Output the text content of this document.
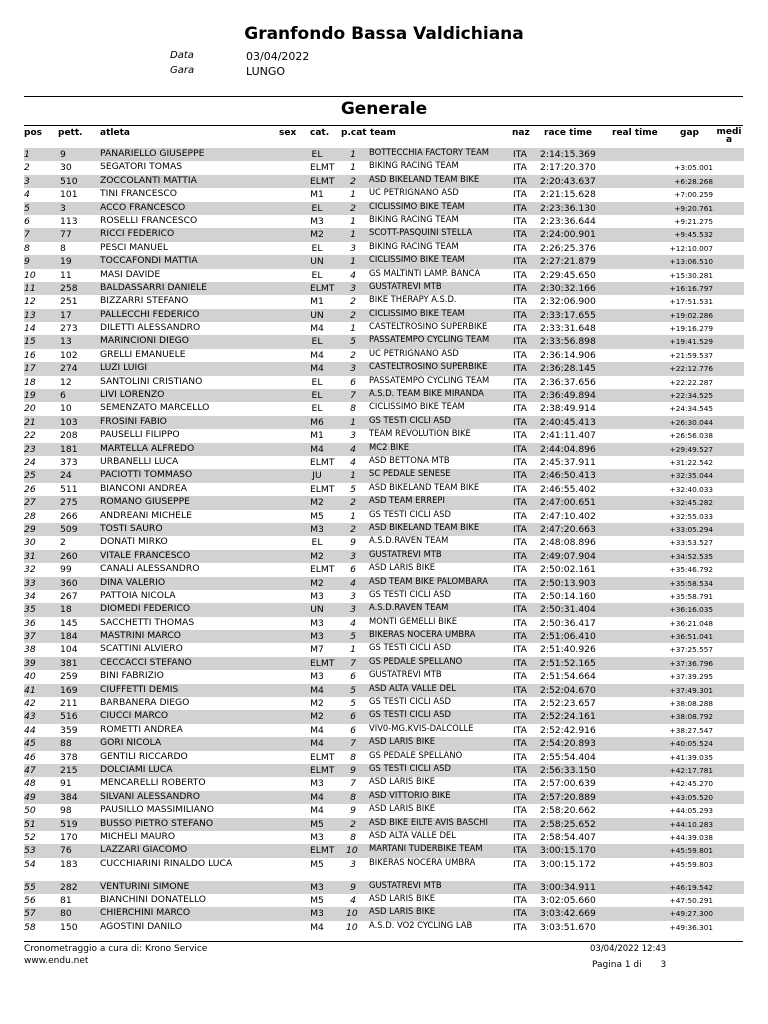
Granfondo Bassa Valdichiana
Data	03/04/2022
Gara	LUNGO
Generale
pos pett. atleta	sex cat. p.cat team	naz race time real time gap media
1	9	PANARIELLO GIUSEPPE	EL	1 BOTTECCHIA FACTORY TEAM	ITA 2:14:15.369
2	30	SEGATORI TOMAS	ELMT	1 BIKING RACING TEAM	ITA 2:17:20.370	+3:05.001
3	510 ZOCCOLANTI MATTIA	ELMT	2 ASD BIKELAND TEAM BIKE	ITA 2:20:43.637	+6:28.268
4	101 TINI FRANCESCO	M1	1 UC PETRIGNANO ASD	ITA 2:21:15.628	+7:00.259
5	3	ACCO FRANCESCO	EL	2 CICLISSIMO BIKE TEAM	ITA 2:23:36.130	+9:20.761
6	113 ROSELLI FRANCESCO	M3	1 BIKING RACING TEAM	ITA 2:23:36.644	+9:21.275
7	77	RICCI FEDERICO	M2	1 SCOTT-PASQUINI STELLA	ITA 2:24:00.901	+9:45.532
8	8	PESCI MANUEL	EL	3 BIKING RACING TEAM	ITA 2:26:25.376	+12:10.007
9	19	TOCCAFONDI MATTIA	UN	1 CICLISSIMO BIKE TEAM	ITA 2:27:21.879	+13:06.510
10	11	MASI DAVIDE	EL	4 GS MALTINTI LAMP. BANCA	ITA 2:29:45.650	+15:30.281
11	258 BALDASSARRI DANIELE	ELMT	3 GUSTATREVI MTB	ITA 2:30:32.166	+16:16.797
12	251 BIZZARRI STEFANO	M1	2 BIKE THERAPY A.S.D.	ITA 2:32:06.900	+17:51.531
13	17	PALLECCHI FEDERICO	UN	2 CICLISSIMO BIKE TEAM	ITA 2:33:17.655	+19:02.286
14	273 DILETTI ALESSANDRO	M4	1 CASTELTROSINO SUPERBIKE	ITA 2:33:31.648	+19:16.279
15	13	MARINCIONI DIEGO	EL	5 PASSATEMPO CYCLING TEAM	ITA 2:33:56.898	+19:41.529
16	102 GRELLI EMANUELE	M4	2 UC PETRIGNANO ASD	ITA 2:36:14.906	+21:59.537
17	274 LUZI LUIGI	M4	3 CASTELTROSINO SUPERBIKE	ITA 2:36:28.145	+22:12.776
18	12	SANTOLINI CRISTIANO	EL	6 PASSATEMPO CYCLING TEAM	ITA 2:36:37.656	+22:22.287
19	6	LIVI LORENZO	EL	7 A.S.D. TEAM BIKE MIRANDA	ITA 2:36:49.894	+22:34.525
20	10	SEMENZATO MARCELLO	EL	8 CICLISSIMO BIKE TEAM	ITA 2:38:49.914	+24:34.545
21	103 FROSINI FABIO	M6	1 GS TESTI CICLI ASD	ITA 2:40:45.413	+26:30.044
22	208 PAUSELLI FILIPPO	M1	3 TEAM REVOLUTION BIKE	ITA 2:41:11.407	+26:56.038
23	181 MARTELLA ALFREDO	M4	4 MC2 BIKE	ITA 2:44:04.896	+29:49.527
24	373 URBANELLI LUCA	ELMT	4 ASD BETTONA MTB	ITA 2:45:37.911	+31:22.542
25	24	PACIOTTI TOMMASO	JU	1 SC PEDALE SENESE	ITA 2:46:50.413	+32:35.044
26	511 BIANCONI ANDREA	ELMT	5 ASD BIKELAND TEAM BIKE	ITA 2:46:55.402	+32:40.033
27	275 ROMANO GIUSEPPE	M2	2 ASD TEAM ERREPI	ITA 2:47:00.651	+32:45.282
28	266 ANDREANI MICHELE	M5	1 GS TESTI CICLI ASD	ITA 2:47:10.402	+32:55.033
29	509 TOSTI SAURO	M3	2 ASD BIKELAND TEAM BIKE	ITA 2:47:20.663	+33:05.294
30	2	DONATI MIRKO	EL	9 A.S.D.RAVEN TEAM	ITA 2:48:08.896	+33:53.527
31	260 VITALE FRANCESCO	M2	3 GUSTATREVI MTB	ITA 2:49:07.904	+34:52.535
32	99	CANALI ALESSANDRO	ELMT	6 ASD LARIS BIKE	ITA 2:50:02.161	+35:46.792
33	360 DINA VALERIO	M2	4 ASD TEAM BIKE PALOMBARA	ITA 2:50:13.903	+35:58.534
34	267 PATTOIA NICOLA	M3	3 GS TESTI CICLI ASD	ITA 2:50:14.160	+35:58.791
35	18	DIOMEDI FEDERICO	UN	3 A.S.D.RAVEN TEAM	ITA 2:50:31.404	+36:16.035
36	145 SACCHETTI THOMAS	M3	4 MONTI GEMELLI BIKE	ITA 2:50:36.417	+36:21.048
37	184 MASTRINI MARCO	M3	5 BIKERAS NOCERA UMBRA	ITA 2:51:06.410	+36:51.041
38	104 SCATTINI ALVIERO	M7	1 GS TESTI CICLI ASD	ITA 2:51:40.926	+37:25.557
39	381 CECCACCI STEFANO	ELMT	7 GS PEDALE SPELLANO	ITA 2:51:52.165	+37:36.796
40	259 BINI FABRIZIO	M3	6 GUSTATREVI MTB	ITA 2:51:54.664	+37:39.295
41	169 CIUFFETTI DEMIS	M4	5 ASD ALTA VALLE DEL	ITA 2:52:04.670	+37:49.301
42	211 BARBANERA DIEGO	M2	5 GS TESTI CICLI ASD	ITA 2:52:23.657	+38:08.288
43	516 CIUCCI MARCO	M2	6 GS TESTI CICLI ASD	ITA 2:52:24.161	+38:08.792
44	359 ROMETTI ANDREA	M4	6 VIV0-MG.KVIS-DALCOLLE	ITA 2:52:42.916	+38:27.547
45	88	GORI NICOLA	M4	7 ASD LARIS BIKE	ITA 2:54:20.893	+40:05.524
46	378 GENTILI RICCARDO	ELMT	8 GS PEDALE SPELLANO	ITA 2:55:54.404	+41:39.035
47	215 DOLCIAMI LUCA	ELMT	9 GS TESTI CICLI ASD	ITA 2:56:33.150	+42:17.781
48	91	MENCARELLI ROBERTO	M3	7 ASD LARIS BIKE	ITA 2:57:00.639	+42:45.270
49	384 SILVANI ALESSANDRO	M4	8 ASD VITTORIO BIKE	ITA 2:57:20.889	+43:05.520
50	98	PAUSILLO MASSIMILIANO	M4	9 ASD LARIS BIKE	ITA 2:58:20.662	+44:05.293
51	519 BUSSO PIETRO STEFANO	M5	2 ASD BIKE EILTE AVIS BASCHI	ITA 2:58:25.652	+44:10.283
52	170 MICHELI MAURO	M3	8 ASD ALTA VALLE DEL	ITA 2:58:54.407	+44:39.038
53	76	LAZZARI GIACOMO	ELMT 10 MARTANI TUDERBIKE TEAM	ITA 3:00:15.170	+45:59.801
54	183 CUCCHIARINI RINALDO LUCA	M5	3 BIKERAS NOCERA UMBRA	ITA 3:00:15.172	+45:59.803
55	282 VENTURINI SIMONE	M3	9 GUSTATREVI MTB	ITA 3:00:34.911	+46:19.542
56	81	BIANCHINI DONATELLO	M5	4 ASD LARIS BIKE	ITA 3:02:05.660	+47:50.291
57	80	CHIERCHINI MARCO	M3 10 ASD LARIS BIKE	ITA 3:03:42.669	+49:27.300
58	150 AGOSTINI DANILO	M4 10 A.S.D. VO2 CYCLING LAB	ITA 3:03:51.670	+49:36.301
Cronometraggio a cura di: Krono Service
www.endu.net
03/04/2022 12:43
Pagina 1 di 3
